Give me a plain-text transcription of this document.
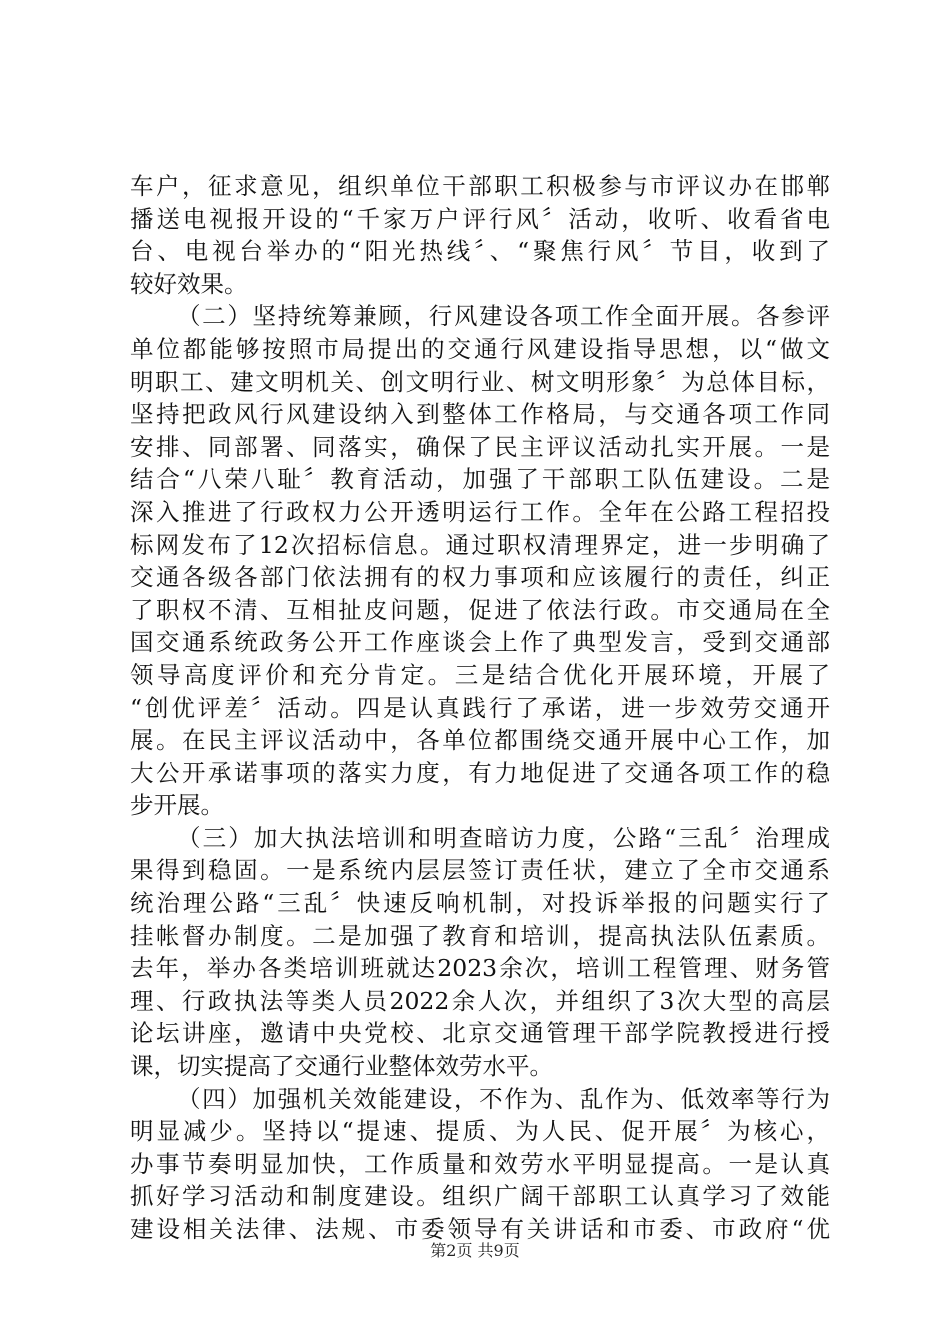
车户，征求意见，组织单位干部职工积极参与市评议办在邯郸
播送电视报开设的“千家万户评行风〞活动，收听、收看省电
台、电视台举办的“阳光热线〞、“聚焦行风〞节目，收到了
较好效果。
（二）坚持统筹兼顾，行风建设各项工作全面开展。各参评
单位都能够按照市局提出的交通行风建设指导思想，以“做文
明职工、建文明机关、创文明行业、树文明形象〞为总体目标，
坚持把政风行风建设纳入到整体工作格局，与交通各项工作同
安排、同部署、同落实，确保了民主评议活动扎实开展。一是
结合“八荣八耻〞教育活动，加强了干部职工队伍建设。二是
深入推进了行政权力公开透明运行工作。全年在公路工程招投
标网发布了12次招标信息。通过职权清理界定，进一步明确了
交通各级各部门依法拥有的权力事项和应该履行的责任，纠正
了职权不清、互相扯皮问题，促进了依法行政。市交通局在全
国交通系统政务公开工作座谈会上作了典型发言，受到交通部
领导高度评价和充分肯定。三是结合优化开展环境，开展了
“创优评差〞活动。四是认真践行了承诺，进一步效劳交通开
展。在民主评议活动中，各单位都围绕交通开展中心工作，加
大公开承诺事项的落实力度，有力地促进了交通各项工作的稳
步开展。
（三）加大执法培训和明查暗访力度，公路“三乱〞治理成
果得到稳固。一是系统内层层签订责任状，建立了全市交通系
统治理公路“三乱〞快速反响机制，对投诉举报的问题实行了
挂帐督办制度。二是加强了教育和培训，提高执法队伍素质。
去年，举办各类培训班就达2023余次，培训工程管理、财务管
理、行政执法等类人员2022余人次，并组织了3次大型的高层
论坛讲座，邀请中央党校、北京交通管理干部学院教授进行授
课，切实提高了交通行业整体效劳水平。
（四）加强机关效能建设，不作为、乱作为、低效率等行为
明显减少。坚持以“提速、提质、为人民、促开展〞为核心，
办事节奏明显加快，工作质量和效劳水平明显提高。一是认真
抓好学习活动和制度建设。组织广阔干部职工认真学习了效能
建设相关法律、法规、市委领导有关讲话和市委、市政府“优
第2页 共9页
